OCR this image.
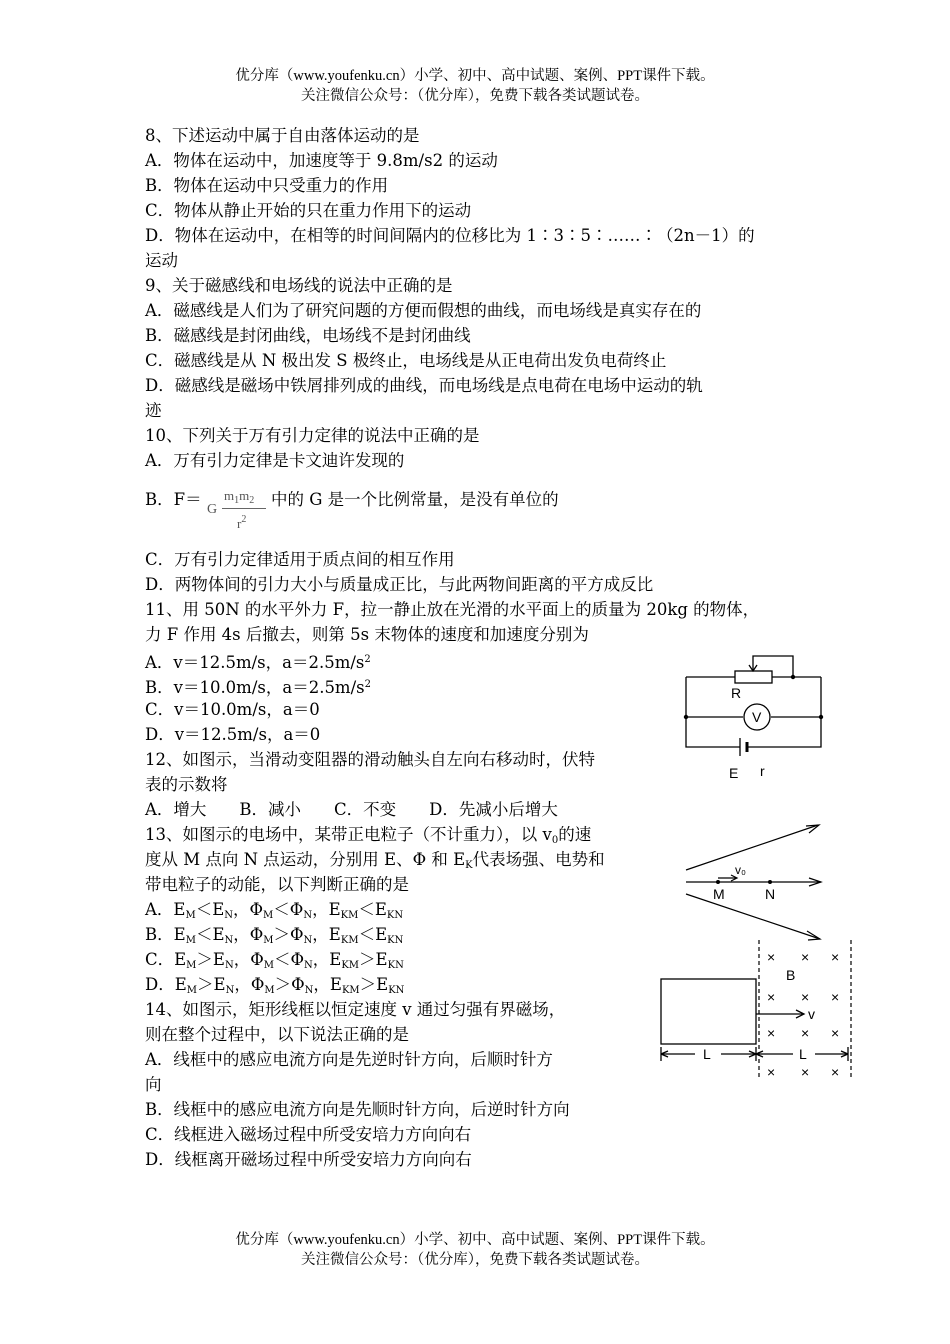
优分库（www.youfenku.cn）小学、初中、高中试题、案例、PPT课件下载。
关注微信公众号：（优分库），免费下载各类试题试卷。
8、下述运动中属于自由落体运动的是
A．物体在运动中，加速度等于 9.8m/s2 的运动
B．物体在运动中只受重力的作用
C．物体从静止开始的只在重力作用下的运动
D．物体在运动中，在相等的时间间隔内的位移比为 1∶3∶5∶……∶（2n－1）的
运动
9、关于磁感线和电场线的说法中正确的是
A．磁感线是人们为了研究问题的方便而假想的曲线，而电场线是真实存在的
B．磁感线是封闭曲线，电场线不是封闭曲线
C．磁感线是从 N 极出发 S 极终止，电场线是从正电荷出发负电荷终止
D．磁感线是磁场中铁屑排列成的曲线，而电场线是点电荷在电场中运动的轨
迹
10、下列关于万有引力定律的说法中正确的是
A．万有引力定律是卡文迪许发现的
B．F＝
G
$m_1m_2$
$r^2$
中的 G 是一个比例常量，是没有单位的
C．万有引力定律适用于质点间的相互作用
D．两物体间的引力大小与质量成正比，与此两物间距离的平方成反比
11、用 50N 的水平外力 F，拉一静止放在光滑的水平面上的质量为 20kg 的物体，
力 F 作用 4s 后撤去，则第 5s 末物体的速度和加速度分别为
A．v＝12.5m/s，$a=2.5m/s^2$
B．v＝10.0m/s，$a=2.5m/s^2$
C．v＝10.0m/s，a＝0
D．v＝12.5m/s，a＝0
12、如图示，当滑动变阻器的滑动触头自左向右移动时，伏特
表的示数将
A．增大　　B．减小　　C．不变　　D．先减小后增大
R
V
E r
13、如图示的电场中，某带正电粒子（不计重力），以 $v_0$的速
度从 M 点向 N 点运动，分别用 E、Φ 和 $E_K$代表场强、电势和
带电粒子的动能，以下判断正确的是
A．$E_M<E_N$，$\Phi_M<\Phi_N$，$E_{KM}<E_{KN}$
B．$E_M<E_N$，$\Phi_M>\Phi_N$，$E_{KM}<E_{KN}$
C．$E_M>E_N$，$\Phi_M<\Phi_N$，$E_{KM}>E_{KN}$
D．$E_M>E_N$，$\Phi_M>\Phi_N$，$E_{KM}>E_{KN}$
v₀
M	N
14、如图示，矩形线框以恒定速度 v 通过匀强有界磁场，
则在整个过程中，以下说法正确的是
A．线框中的感应电流方向是先逆时针方向，后顺时针方
向
B．线框中的感应电流方向是先顺时针方向，后逆时针方向
C．线框进入磁场过程中所受安培力方向向右
D．线框离开磁场过程中所受安培力方向向右
× × ×
× × ×
× × ×
× × ×
B
v
L	L
优分库（www.youfenku.cn）小学、初中、高中试题、案例、PPT课件下载。
关注微信公众号：（优分库），免费下载各类试题试卷。
